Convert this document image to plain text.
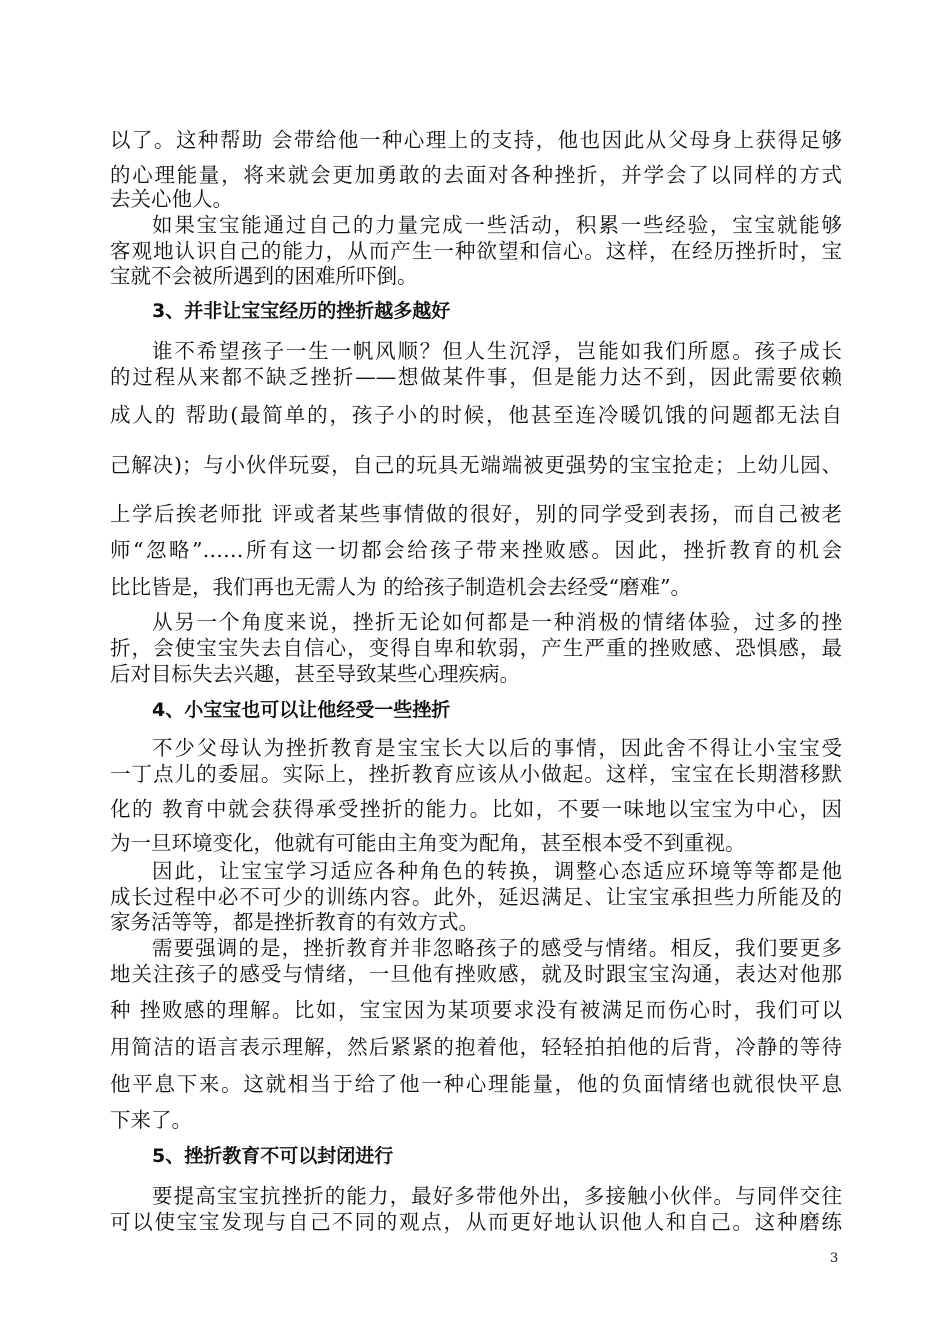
以了。这种帮助 会带给他一种心理上的支持，他也因此从父母身上获得足够
的心理能量，将来就会更加勇敢的去面对各种挫折，并学会了以同样的方式
去关心他人。
如果宝宝能通过自己的力量完成一些活动，积累一些经验，宝宝就能够
客观地认识自己的能力，从而产生一种欲望和信心。这样，在经历挫折时，宝
宝就不会被所遇到的困难所吓倒。
3、并非让宝宝经历的挫折越多越好
谁不希望孩子一生一帆风顺？但人生沉浮，岂能如我们所愿。孩子成长
的过程从来都不缺乏挫折——想做某件事，但是能力达不到，因此需要依赖
成人的 帮助(最简单的，孩子小的时候，他甚至连冷暖饥饿的问题都无法自
己解决)；与小伙伴玩耍，自己的玩具无端端被更强势的宝宝抢走；上幼儿园、
上学后挨老师批 评或者某些事情做的很好，别的同学受到表扬，而自己被老
师“忽略”……所有这一切都会给孩子带来挫败感。因此，挫折教育的机会
比比皆是，我们再也无需人为 的给孩子制造机会去经受“磨难”。
从另一个角度来说，挫折无论如何都是一种消极的情绪体验，过多的挫
折，会使宝宝失去自信心，变得自卑和软弱，产生严重的挫败感、恐惧感，最
后对目标失去兴趣，甚至导致某些心理疾病。
4、小宝宝也可以让他经受一些挫折
不少父母认为挫折教育是宝宝长大以后的事情，因此舍不得让小宝宝受
一丁点儿的委屈。实际上，挫折教育应该从小做起。这样，宝宝在长期潜移默
化的 教育中就会获得承受挫折的能力。比如，不要一味地以宝宝为中心，因
为一旦环境变化，他就有可能由主角变为配角，甚至根本受不到重视。
因此，让宝宝学习适应各种角色的转换，调整心态适应环境等等都是他
成长过程中必不可少的训练内容。此外，延迟满足、让宝宝承担些力所能及的
家务活等等，都是挫折教育的有效方式。
需要强调的是，挫折教育并非忽略孩子的感受与情绪。相反，我们要更多
地关注孩子的感受与情绪，一旦他有挫败感，就及时跟宝宝沟通，表达对他那
种 挫败感的理解。比如，宝宝因为某项要求没有被满足而伤心时，我们可以
用简洁的语言表示理解，然后紧紧的抱着他，轻轻拍拍他的后背，冷静的等待
他平息下来。这就相当于给了他一种心理能量，他的负面情绪也就很快平息
下来了。
5、挫折教育不可以封闭进行
要提高宝宝抗挫折的能力，最好多带他外出，多接触小伙伴。与同伴交往
可以使宝宝发现与自己不同的观点，从而更好地认识他人和自己。这种磨练
3
